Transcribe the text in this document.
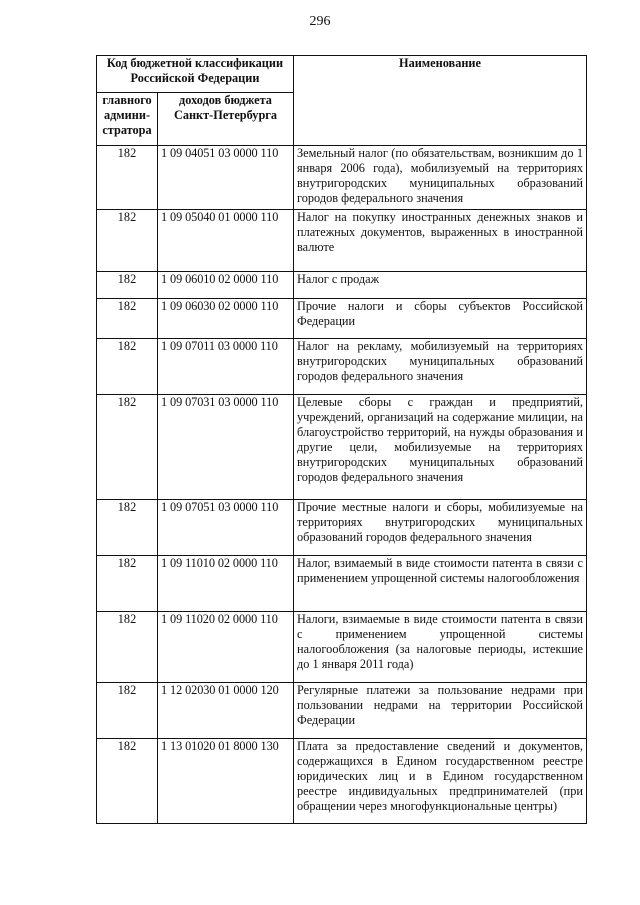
296
Код бюджетной классификации Российской Федерации		Наименование
главного админи-стратора	доходов бюджета Санкт-Петербурга	
182	1 09 04051 03 0000 110	Земельный налог (по обязательствам, возникшим до 1 января 2006 года), мобилизуемый на территориях внутригородских муниципальных образований городов федерального значения
182	1 09 05040 01 0000 110	Налог на покупку иностранных денежных знаков и платежных документов, выраженных в иностранной валюте
182	1 09 06010 02 0000 110	Налог с продаж
182	1 09 06030 02 0000 110	Прочие налоги и сборы субъектов Российской Федерации
182	1 09 07011 03 0000 110	Налог на рекламу, мобилизуемый на территориях внутригородских муниципальных образований городов федерального значения
182	1 09 07031 03 0000 110	Целевые сборы с граждан и предприятий, учреждений, организаций на содержание милиции, на благоустройство территорий, на нужды образования и другие цели, мобилизуемые на территориях внутригородских муниципальных образований городов федерального значения
182	1 09 07051 03 0000 110	Прочие местные налоги и сборы, мобилизуемые на территориях внутригородских муниципальных образований городов федерального значения
182	1 09 11010 02 0000 110	Налог, взимаемый в виде стоимости патента в связи с применением упрощенной системы налогообложения
182	1 09 11020 02 0000 110	Налоги, взимаемые в виде стоимости патента в связи с применением упрощенной системы налогообложения (за налоговые периоды, истекшие до 1 января 2011 года)
182	1 12 02030 01 0000 120	Регулярные платежи за пользование недрами при пользовании недрами на территории Российской Федерации
182	1 13 01020 01 8000 130	Плата за предоставление сведений и документов, содержащихся в Едином государственном реестре юридических лиц и в Едином государственном реестре индивидуальных предпринимателей (при обращении через многофункциональные центры)
